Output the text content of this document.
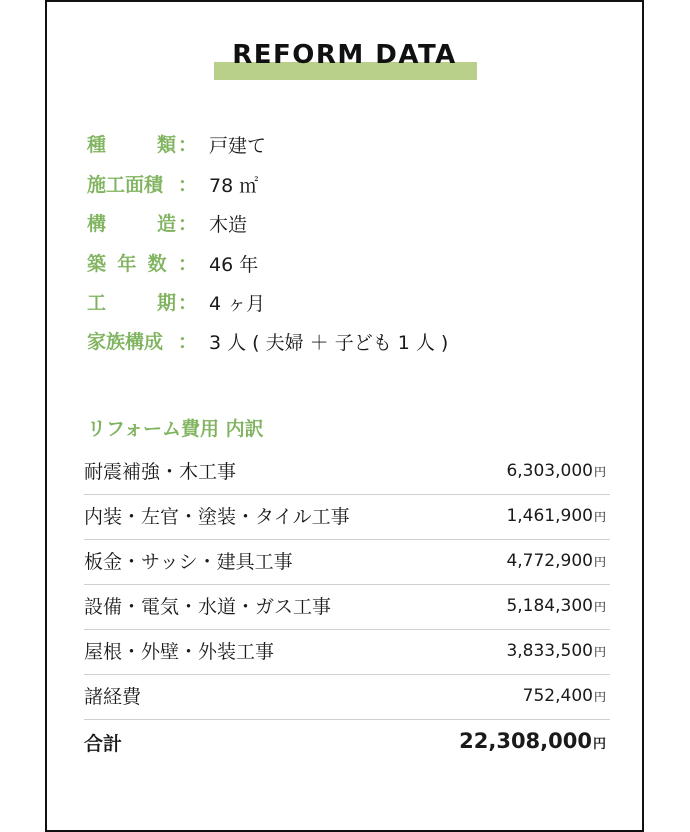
REFORM DATA
種	類 ： 戸建て
施工面積 ： 78 ㎡
構	造 ： 木造
築 年 数 ： 46 年
工	期 ： 4 ヶ月
家族構成 ： 3 人 ( 夫婦 ＋ 子ども 1 人 )
リフォーム費用 内訳
耐震補強・木工事	6,303,000円
内装・左官・塗装・タイル工事	1,461,900円
板金・サッシ・建具工事	4,772,900円
設備・電気・水道・ガス工事	5,184,300円
屋根・外壁・外装工事	3,833,500円
諸経費	752,400円
合計	22,308,000円
